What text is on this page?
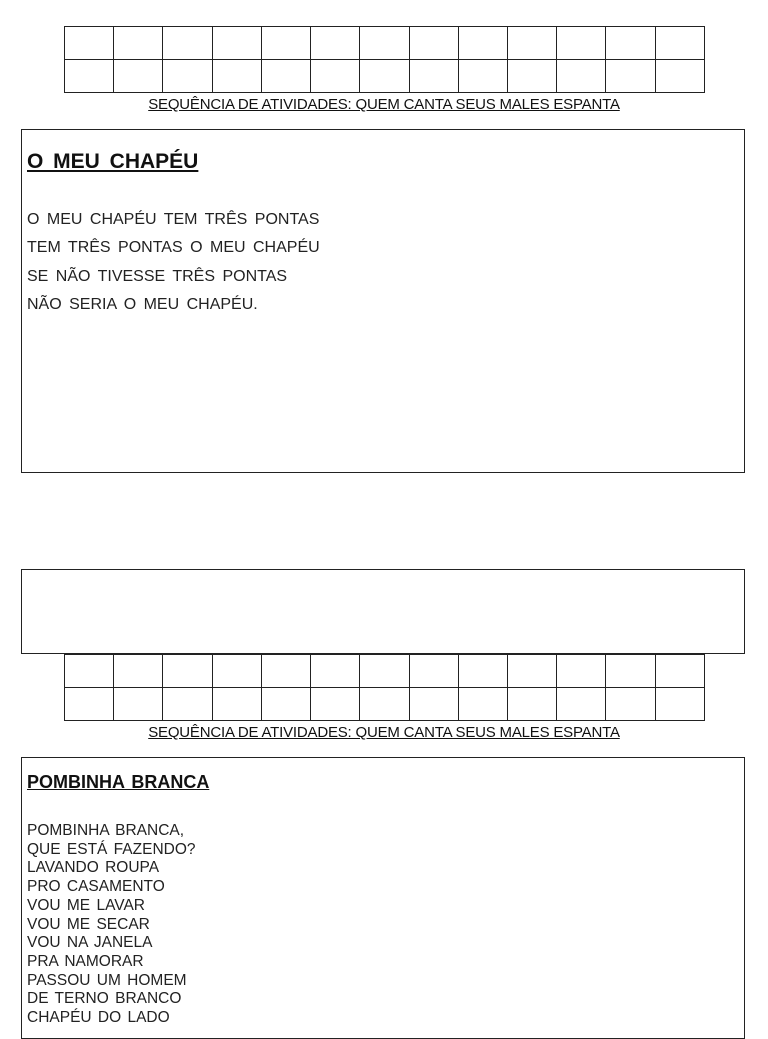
SEQUÊNCIA DE ATIVIDADES: QUEM CANTA SEUS MALES ESPANTA

O MEU CHAPÉU
O MEU CHAPÉU TEM TRÊS PONTAS
TEM TRÊS PONTAS O MEU CHAPÉU
SE NÃO TIVESSE TRÊS PONTAS
NÃO SERIA O MEU CHAPÉU.

SEQUÊNCIA DE ATIVIDADES: QUEM CANTA SEUS MALES ESPANTA

POMBINHA BRANCA
POMBINHA BRANCA,
QUE ESTÁ FAZENDO?
LAVANDO ROUPA
PRO CASAMENTO
VOU ME LAVAR
VOU ME SECAR
VOU NA JANELA
PRA NAMORAR
PASSOU UM HOMEM
DE TERNO BRANCO
CHAPÉU DO LADO
